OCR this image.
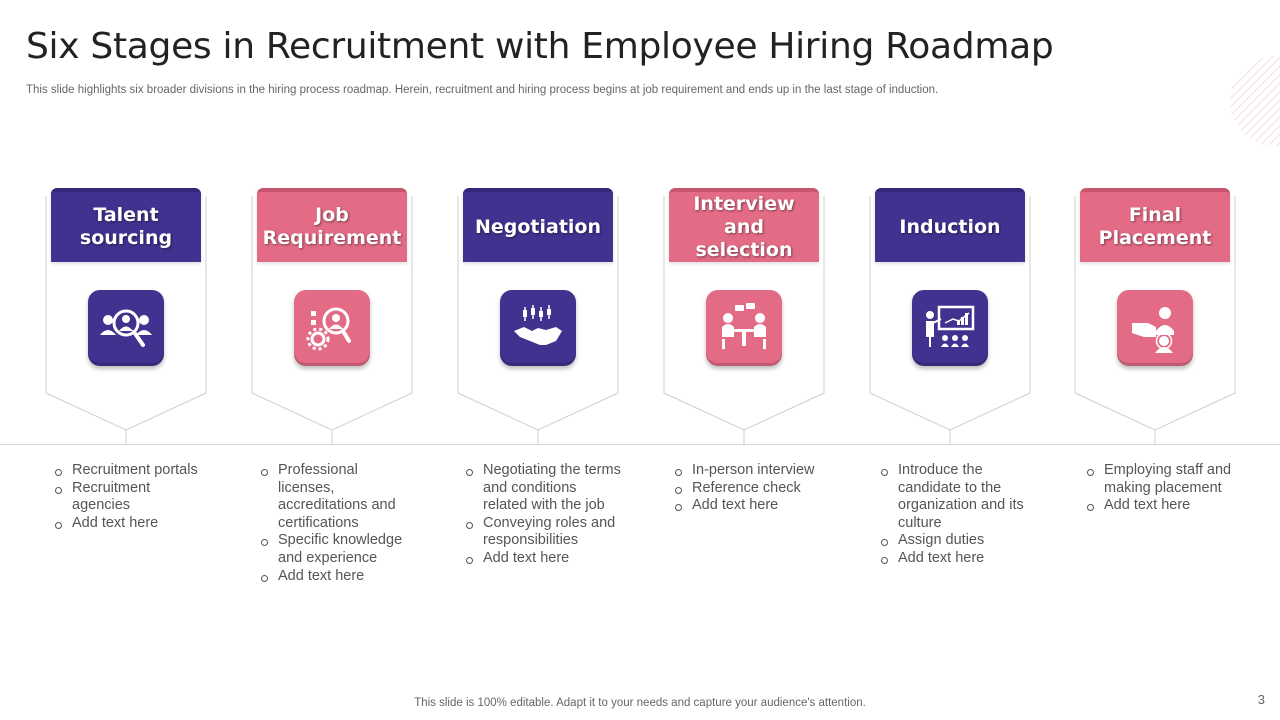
Six Stages in Recruitment with Employee Hiring Roadmap
This slide highlights six broader divisions in the hiring process roadmap. Herein, recruitment and hiring process begins at job requirement and ends up in the last stage of induction.
Talent sourcing
Recruitment portals
Recruitment agencies
Add text here
Job Requirement
Professional licenses, accreditations and certifications
Specific knowledge and experience
Add text here
Negotiation
Negotiating the terms and conditions related with the job
Conveying roles and responsibilities
Add text here
Interview and selection
In-person interview
Reference check
Add text here
Induction
Introduce the candidate to the organization and its culture
Assign duties
Add text here
Final Placement
Employing staff and making placement
Add text here
This slide is 100% editable. Adapt it to your needs and capture your audience's attention.	3
